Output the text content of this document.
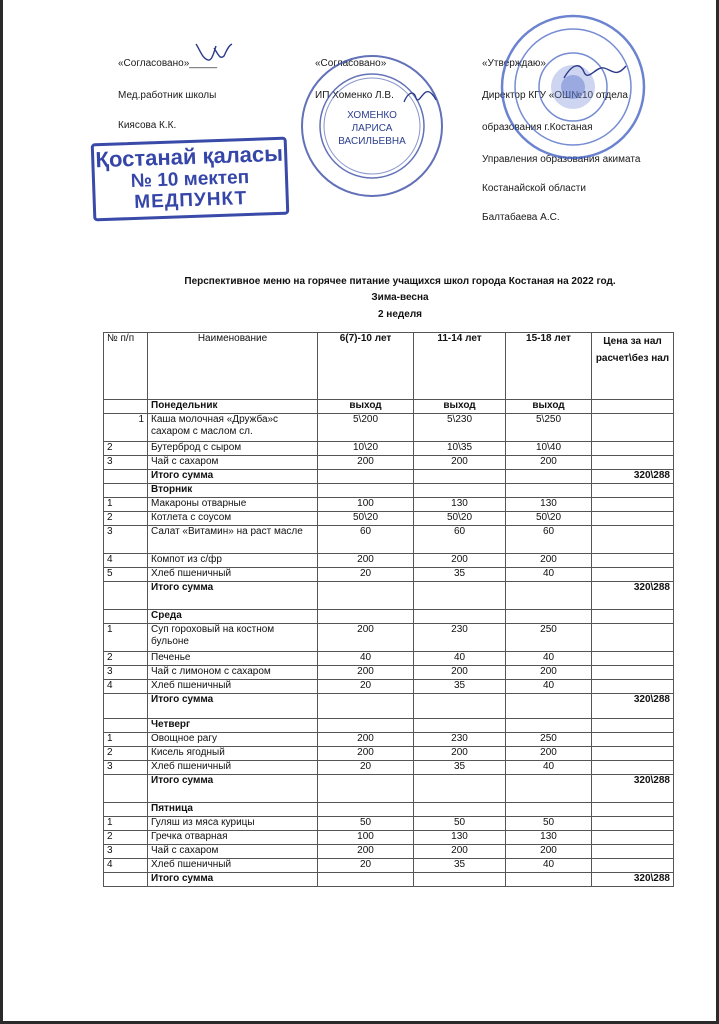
«Согласовано»_____
Мед.работник школы
Киясова К.К.
Қостанай қаласы
№ 10 мектеп
МЕДПУНКТ
«Согласовано»
ИП Хоменко Л.В.
ХОМЕНКО
ЛАРИСА
ВАСИЛЬЕВНА
«Утверждаю»
Директор КГУ «ОШ№10 отдела
образования г.Костаная
Управления образования акимата
Костанайской области
Балтабаева А.С.
Перспективное меню на горячее питание учащихся школ города Костаная на 2022 год.
Зима-весна
2 неделя
№ п/п	Наименование	6(7)-10 лет	11-14 лет	15-18 лет	Цена за нал расчет\без нал
	Понедельник	выход	выход	выход	
1	Каша молочная «Дружба»с сахаром с маслом сл.	5\200	5\230	5\250	
2	Бутерброд с сыром	10\20	10\35	10\40	
3	Чай с сахаром	200	200	200	
	Итого сумма				320\288
	Вторник				
1	Макароны отварные	100	130	130	
2	Котлета с соусом	50\20	50\20	50\20	
3	Салат «Витамин» на раст масле	60	60	60	
4	Компот из с/фр	200	200	200	
5	Хлеб пшеничный	20	35	40	
	Итого сумма				320\288
	Среда				
1	Суп гороховый на костном бульоне	200	230	250	
2	Печенье	40	40	40	
3	Чай с лимоном с сахаром	200	200	200	
4	Хлеб пшеничный	20	35	40	
	Итого сумма				320\288
	Четверг				
1	Овощное рагу	200	230	250	
2	Кисель ягодный	200	200	200	
3	Хлеб пшеничный	20	35	40	
	Итого сумма				320\288
	Пятница				
1	Гуляш из мяса курицы	50	50	50	
2	Гречка отварная	100	130	130	
3	Чай с сахаром	200	200	200	
4	Хлеб пшеничный	20	35	40	
	Итого сумма				320\288
